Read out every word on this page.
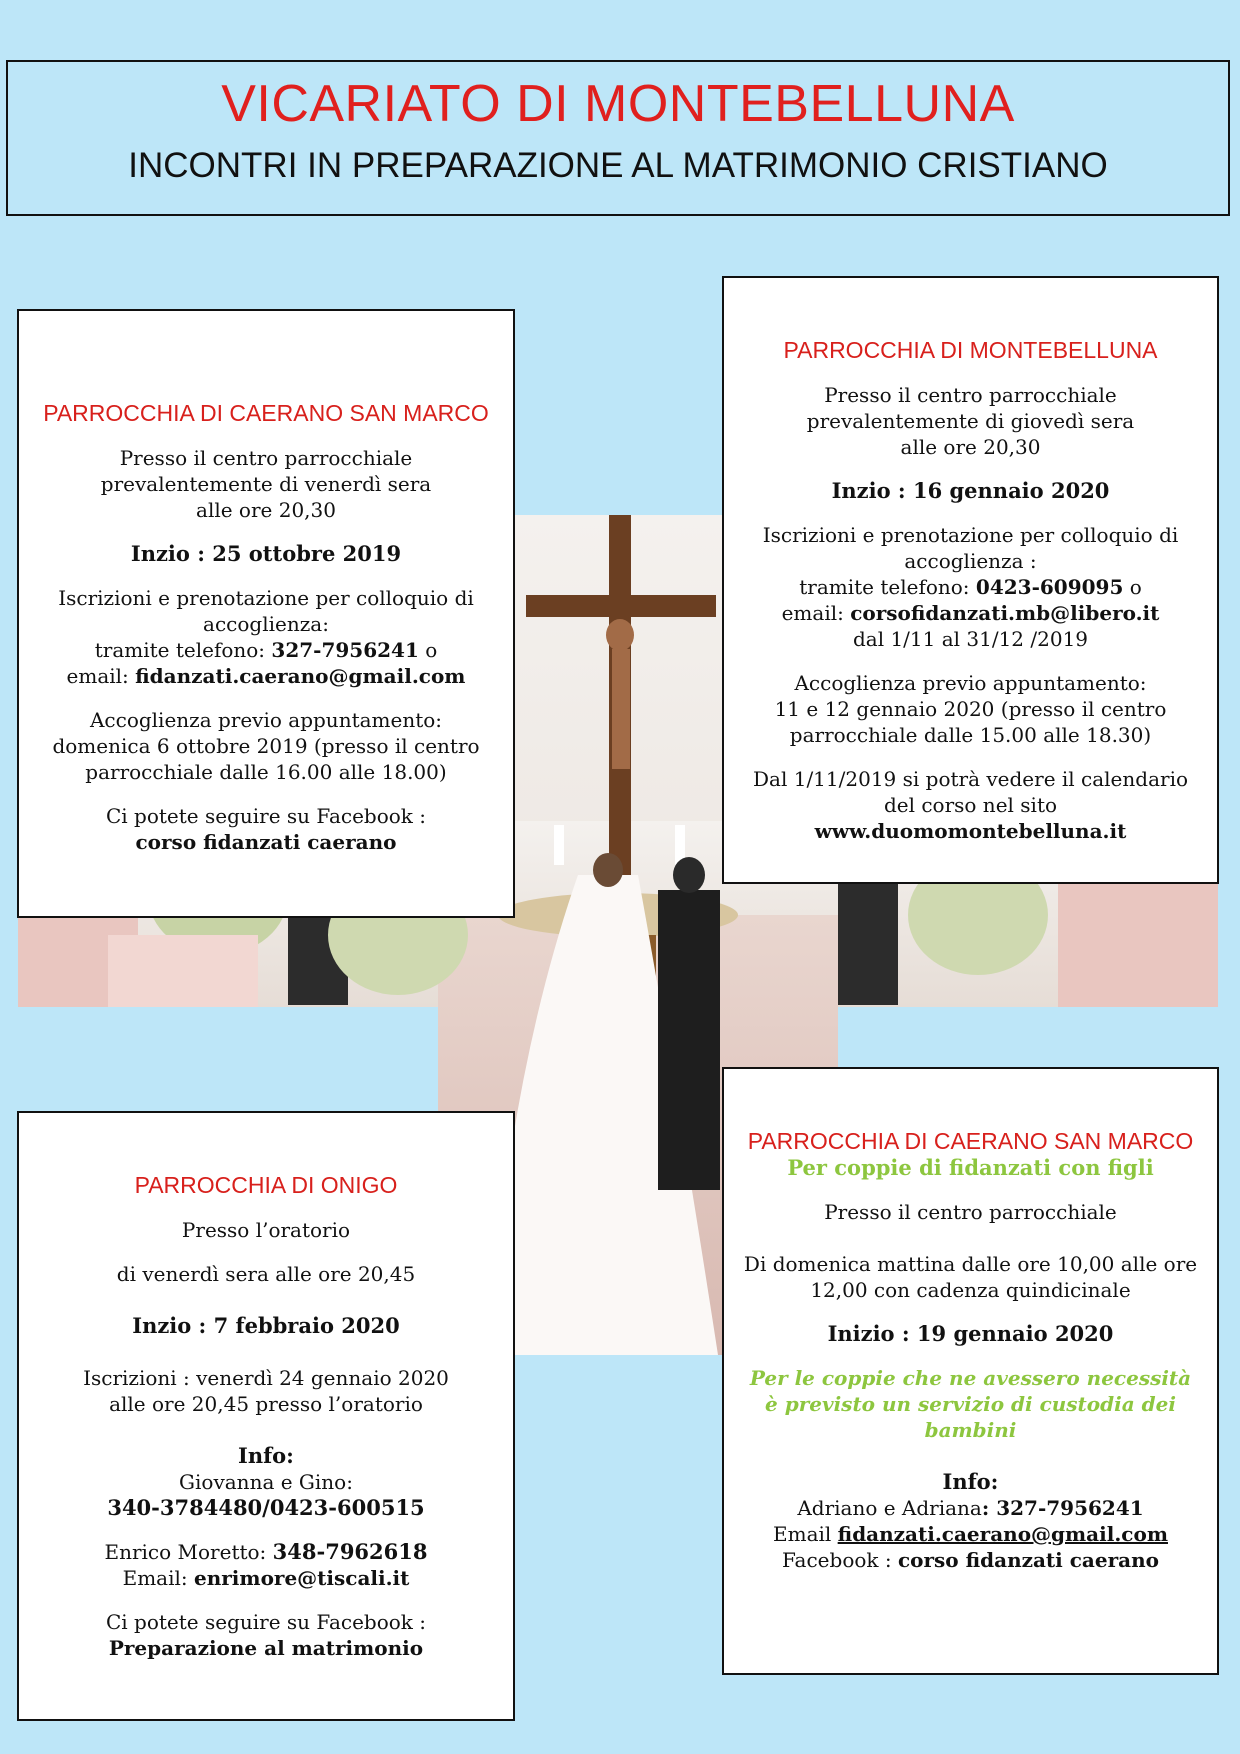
VICARIATO DI MONTEBELLUNA
INCONTRI IN PREPARAZIONE AL MATRIMONIO CRISTIANO
PARROCCHIA DI CAERANO SAN MARCO
Presso il centro parrocchiale
prevalentemente di venerdì sera
alle ore 20,30
Inzio : 25 ottobre 2019
Iscrizioni e prenotazione per colloquio di
accoglienza:
tramite telefono: 327-7956241 o
email: fidanzati.caerano@gmail.com
Accoglienza previo appuntamento:
domenica 6 ottobre 2019 (presso il centro
parrocchiale dalle 16.00 alle 18.00)
Ci potete seguire su Facebook :
corso fidanzati caerano
PARROCCHIA DI MONTEBELLUNA
Presso il centro parrocchiale
prevalentemente di giovedì sera
alle ore 20,30
Inzio : 16 gennaio 2020
Iscrizioni e prenotazione per colloquio di
accoglienza :
tramite telefono: 0423-609095 o
email: corsofidanzati.mb@libero.it
dal 1/11 al 31/12 /2019
Accoglienza previo appuntamento:
11 e 12 gennaio 2020 (presso il centro
parrocchiale dalle 15.00 alle 18.30)
Dal 1/11/2019 si potrà vedere il calendario
del corso nel sito
www.duomomontebelluna.it
PARROCCHIA DI ONIGO
Presso l’oratorio
di venerdì sera alle ore 20,45
Inzio : 7 febbraio 2020
Iscrizioni : venerdì 24 gennaio 2020
alle ore 20,45 presso l’oratorio
Info:
Giovanna e Gino:
340-3784480/0423-600515
Enrico Moretto: 348-7962618
Email: enrimore@tiscali.it
Ci potete seguire su Facebook :
Preparazione al matrimonio
PARROCCHIA DI CAERANO SAN MARCO
Per coppie di fidanzati con figli
Presso il centro parrocchiale
Di domenica mattina dalle ore 10,00 alle ore
12,00 con cadenza quindicinale
Inizio : 19 gennaio 2020
Per le coppie che ne avessero necessità
è previsto un servizio di custodia dei
bambini
Info:
Adriano e Adriana: 327-7956241
Email fidanzati.caerano@gmail.com
Facebook : corso fidanzati caerano
